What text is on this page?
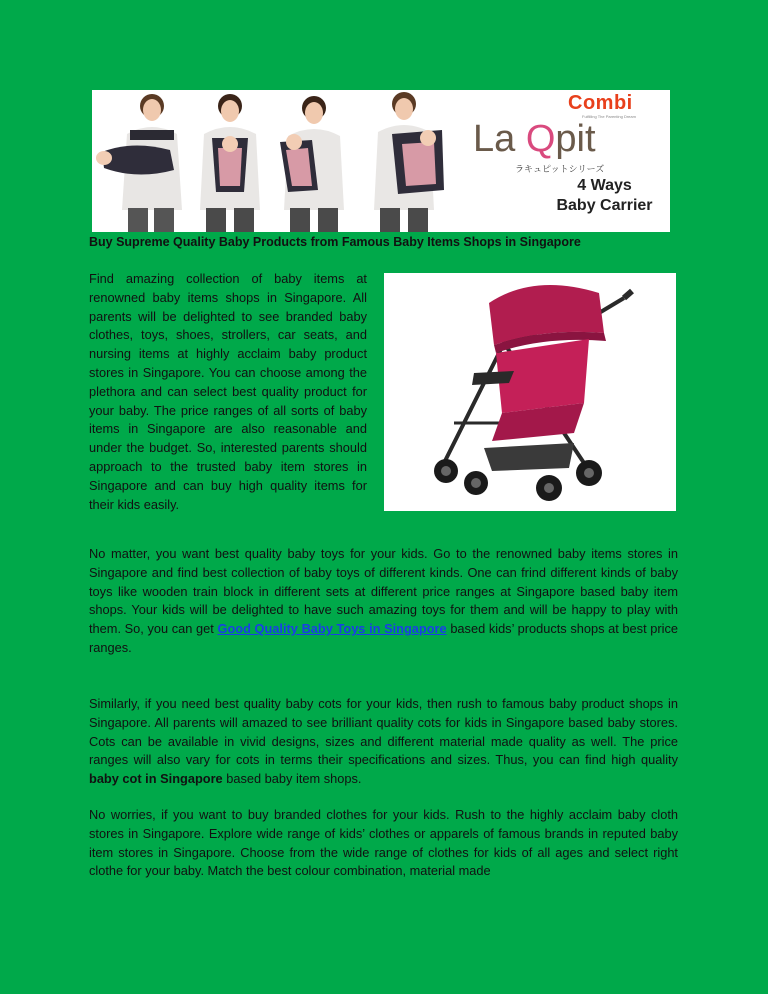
Combi
Fulfilling The Parenting Dream
La Qpit
ラキュピットシリーズ
4 Ways
Baby Carrier
Buy Supreme Quality Baby Products from Famous Baby Items Shops in Singapore

Find amazing collection of baby items at renowned baby items shops in Singapore. All parents will be delighted to see branded baby clothes, toys, shoes, strollers, car seats, and nursing items at highly acclaim baby product stores in Singapore. You can choose among the plethora and can select best quality product for your baby. The price ranges of all sorts of baby items in Singapore are also reasonable and under the budget. So, interested parents should approach to the trusted baby item stores in Singapore and can buy high quality items for their kids easily.

No matter, you want best quality baby toys for your kids. Go to the renowned baby items stores in Singapore and find best collection of baby toys of different kinds. One can frind different kinds of baby toys like wooden train block in different sets at different price ranges at Singapore based baby item shops. Your kids will be delighted to have such amazing toys for them and will be happy to play with them. So, you can get Good Quality Baby Toys in Singapore based kids’ products shops at best price ranges.

Similarly, if you need best quality baby cots for your kids, then rush to famous baby product shops in Singapore. All parents will amazed to see brilliant quality cots for kids in Singapore based baby stores. Cots can be available in vivid designs, sizes and different material made quality as well. The price ranges will also vary for cots in terms their specifications and sizes. Thus, you can find high quality baby cot in Singapore based baby item shops.

No worries, if you want to buy branded clothes for your kids. Rush to the highly acclaim baby cloth stores in Singapore. Explore wide range of kids’ clothes or apparels of famous brands in reputed baby item stores in Singapore. Choose from the wide range of clothes for kids of all ages and select right clothe for your baby. Match the best colour combination, material made
